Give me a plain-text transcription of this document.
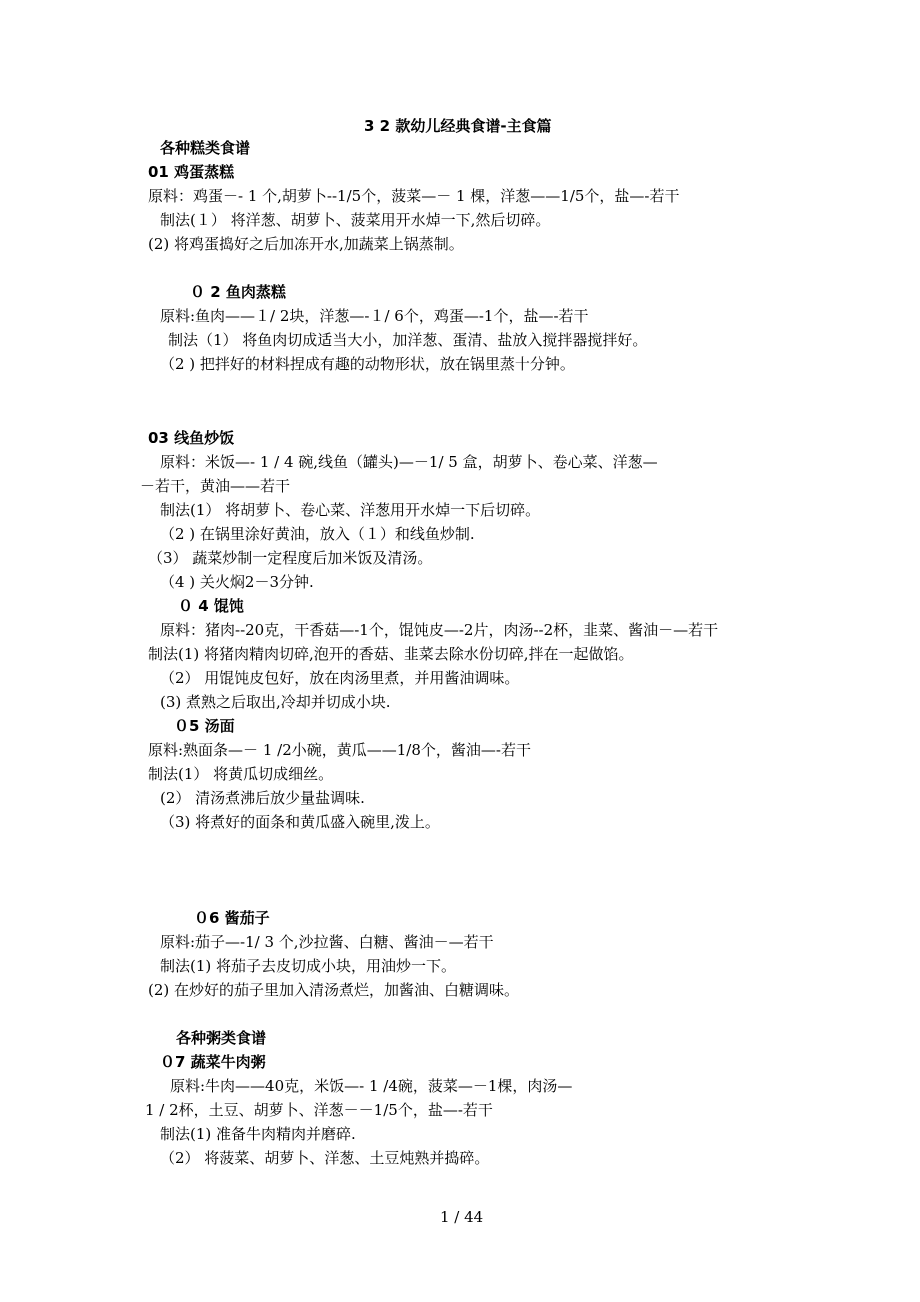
3 2 款幼儿经典食谱-主食篇
各种糕类食谱
01 鸡蛋蒸糕
原料：鸡蛋－- 1 个,胡萝卜--1/5个，菠菜—－ 1 棵，洋葱——1/5个，盐—-若干
制法(１） 将洋葱、胡萝卜、菠菜用开水焯一下,然后切碎。
(2) 将鸡蛋捣好之后加冻开水,加蔬菜上锅蒸制。
０ 2 鱼肉蒸糕
原料:鱼肉——１/ 2块，洋葱—-１/ 6个，鸡蛋—-1个，盐—-若干
制法（1） 将鱼肉切成适当大小，加洋葱、蛋清、盐放入搅拌器搅拌好。
（2 ) 把拌好的材料捏成有趣的动物形状，放在锅里蒸十分钟。
03 线鱼炒饭
原料：米饭—- 1 / 4 碗,线鱼（罐头)—－1/ 5 盒，胡萝卜、卷心菜、洋葱—
－若干，黄油——若干
制法(1） 将胡萝卜、卷心菜、洋葱用开水焯一下后切碎。
（2 ) 在锅里涂好黄油，放入（１）和线鱼炒制.
（3） 蔬菜炒制一定程度后加米饭及清汤。
（4 ) 关火焖2－3分钟.
０ 4 馄饨
原料：猪肉--20克，干香菇—-1个，馄饨皮—-2片，肉汤--2杯，韭菜、酱油－—若干
制法(1) 将猪肉精肉切碎,泡开的香菇、韭菜去除水份切碎,拌在一起做馅。
（2） 用馄饨皮包好，放在肉汤里煮，并用酱油调味。
(3) 煮熟之后取出,冷却并切成小块.
０5 汤面
原料:熟面条—－ 1 /2小碗，黄瓜——1/8个，酱油—-若干
制法(1） 将黄瓜切成细丝。
(2） 清汤煮沸后放少量盐调味.
（3) 将煮好的面条和黄瓜盛入碗里,泼上。
０6 酱茄子
原料:茄子—-1/ 3 个,沙拉酱、白糖、酱油－—若干
制法(1) 将茄子去皮切成小块，用油炒一下。
(2) 在炒好的茄子里加入清汤煮烂，加酱油、白糖调味。
各种粥类食谱
０7 蔬菜牛肉粥
原料:牛肉——40克，米饭—- 1 /4碗，菠菜—－1棵，肉汤—
1 / 2杯，土豆、胡萝卜、洋葱－－1/5个，盐—-若干
制法(1) 准备牛肉精肉并磨碎.
（2） 将菠菜、胡萝卜、洋葱、土豆炖熟并捣碎。
1 / 44
